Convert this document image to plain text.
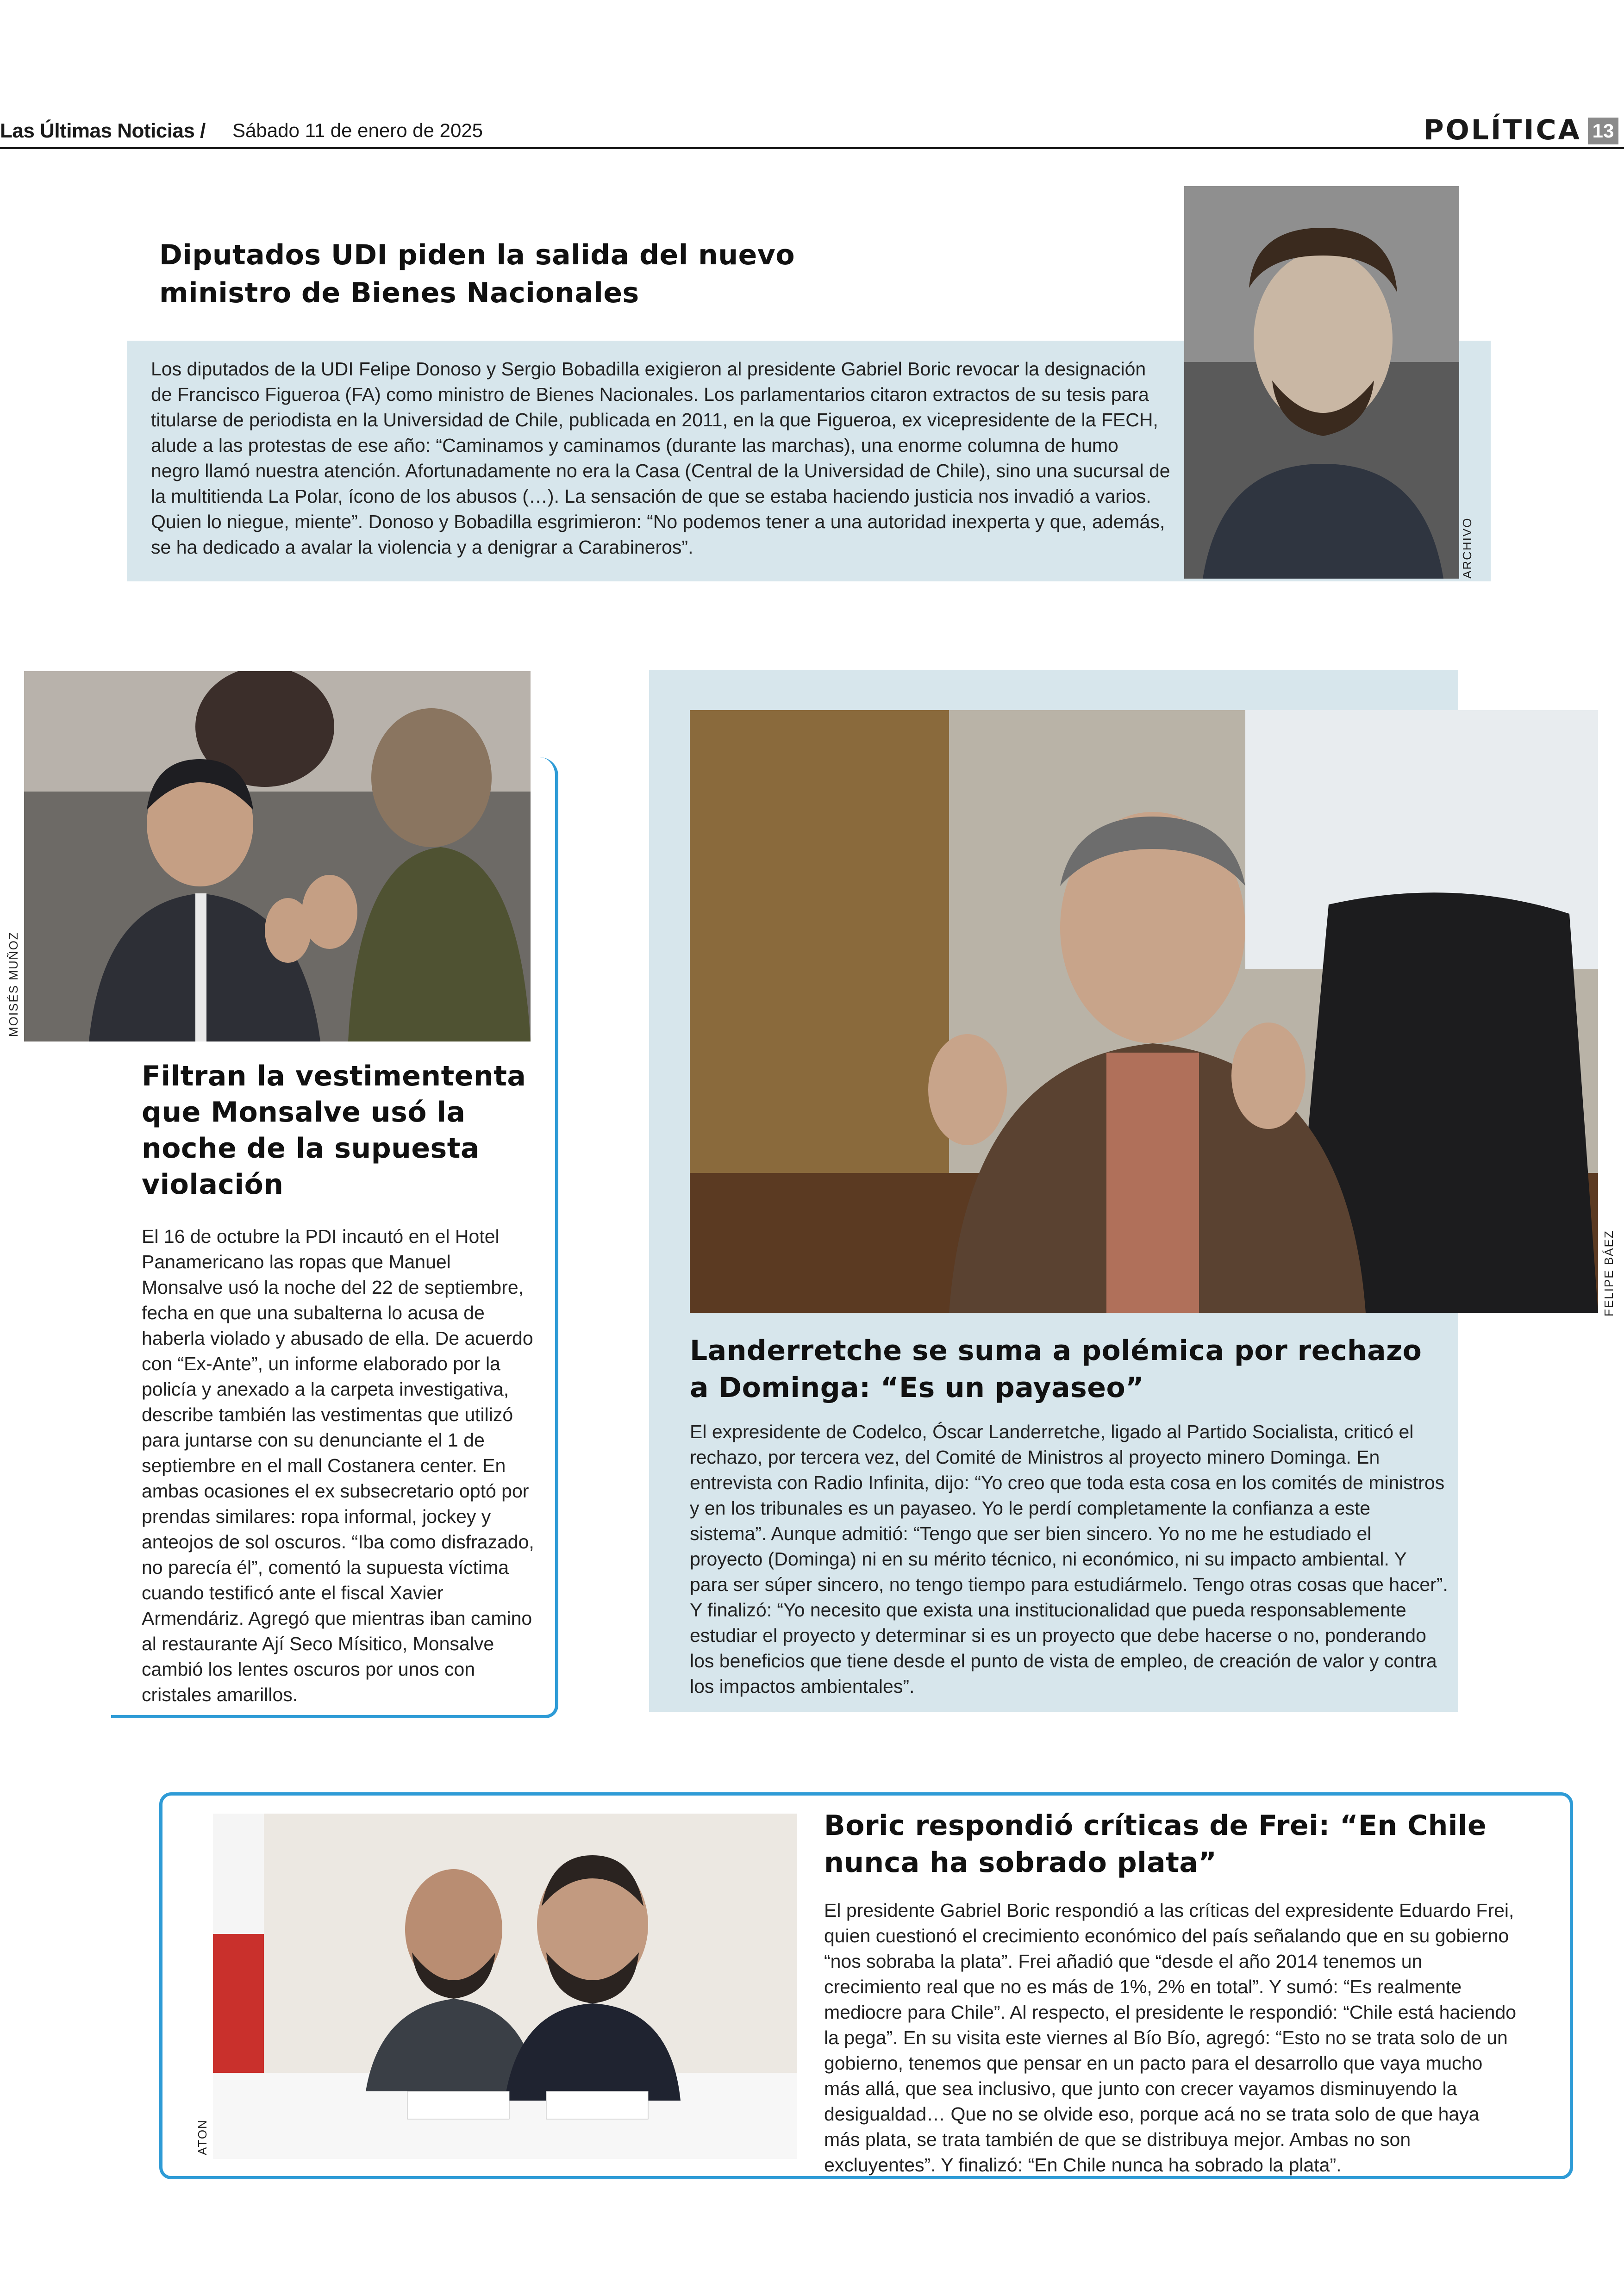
Las Últimas Noticias / Sábado 11 de enero de 2025	POLÍTICA 13
Diputados UDI piden la salida del nuevo ministro de Bienes Nacionales

Los diputados de la UDI Felipe Donoso y Sergio Bobadilla exigieron al presidente Gabriel Boric revocar la designación de Francisco Figueroa (FA) como ministro de Bienes Nacionales. Los parlamentarios citaron extractos de su tesis para titularse de periodista en la Universidad de Chile, publicada en 2011, en la que Figueroa, ex vicepresidente de la FECH, alude a las protestas de ese año: “Caminamos y caminamos (durante las marchas), una enorme columna de humo negro llamó nuestra atención. Afortunadamente no era la Casa (Central de la Universidad de Chile), sino una sucursal de la multitienda La Polar, ícono de los abusos (…). La sensación de que se estaba haciendo justicia nos invadió a varios. Quien lo niegue, miente”. Donoso y Bobadilla esgrimieron: “No podemos tener a una autoridad inexperta y que, además, se ha dedicado a avalar la violencia y a denigrar a Carabineros”.	ARCHIVO
MOISÉS MUÑOZ
Filtran la vestimententa que Monsalve usó la noche de la supuesta violación

El 16 de octubre la PDI incautó en el Hotel Panamericano las ropas que Manuel Monsalve usó la noche del 22 de septiembre, fecha en que una subalterna lo acusa de haberla violado y abusado de ella. De acuerdo con “Ex-Ante”, un informe elaborado por la policía y anexado a la carpeta investigativa, describe también las vestimentas que utilizó para juntarse con su denunciante el 1 de septiembre en el mall Costanera center. En ambas ocasiones el ex subsecretario optó por prendas similares: ropa informal, jockey y anteojos de sol oscuros. “Iba como disfrazado, no parecía él”, comentó la supuesta víctima cuando testificó ante el fiscal Xavier Armendáriz. Agregó que mientras iban camino al restaurante Ají Seco Mísitico, Monsalve cambió los lentes oscuros por unos con cristales amarillos.

FELIPE BÁEZ
Landerretche se suma a polémica por rechazo a Dominga: “Es un payaseo”

El expresidente de Codelco, Óscar Landerretche, ligado al Partido Socialista, criticó el rechazo, por tercera vez, del Comité de Ministros al proyecto minero Dominga. En entrevista con Radio Infinita, dijo: “Yo creo que toda esta cosa en los comités de ministros y en los tribunales es un payaseo. Yo le perdí completamente la confianza a este sistema”. Aunque admitió: “Tengo que ser bien sincero. Yo no me he estudiado el proyecto (Dominga) ni en su mérito técnico, ni económico, ni su impacto ambiental. Y para ser súper sincero, no tengo tiempo para estudiármelo. Tengo otras cosas que hacer”. Y finalizó: “Yo necesito que exista una institucionalidad que pueda responsablemente estudiar el proyecto y determinar si es un proyecto que debe hacerse o no, ponderando los beneficios que tiene desde el punto de vista de empleo, de creación de valor y contra los impactos ambientales”.

ATON
Boric respondió críticas de Frei: “En Chile nunca ha sobrado plata”

El presidente Gabriel Boric respondió a las críticas del expresidente Eduardo Frei, quien cuestionó el crecimiento económico del país señalando que en su gobierno “nos sobraba la plata”. Frei añadió que “desde el año 2014 tenemos un crecimiento real que no es más de 1%, 2% en total”. Y sumó: “Es realmente mediocre para Chile”. Al respecto, el presidente le respondió: “Chile está haciendo la pega”. En su visita este viernes al Bío Bío, agregó: “Esto no se trata solo de un gobierno, tenemos que pensar en un pacto para el desarrollo que vaya mucho más allá, que sea inclusivo, que junto con crecer vayamos disminuyendo la desigualdad… Que no se olvide eso, porque acá no se trata solo de que haya más plata, se trata también de que se distribuya mejor. Ambas no son excluyentes”. Y finalizó: “En Chile nunca ha sobrado la plata”.
